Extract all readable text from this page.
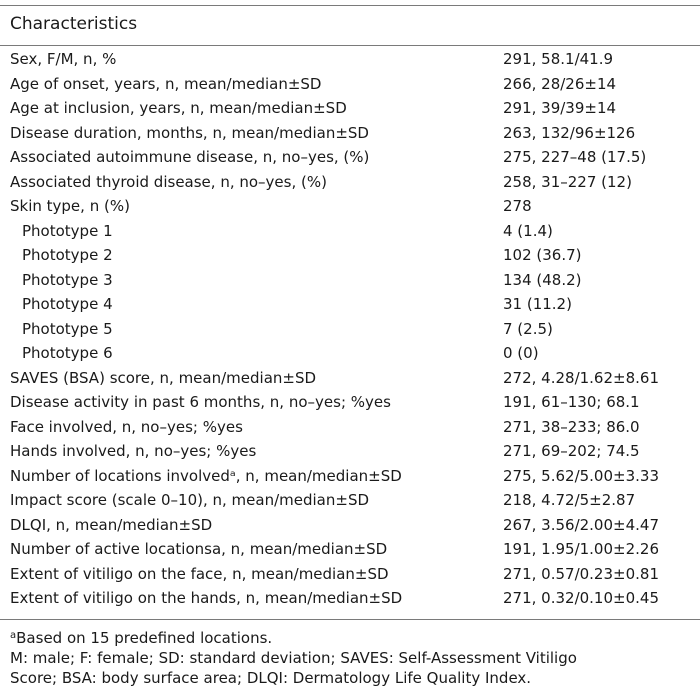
Characteristics
Sex, F/M, n, %	291, 58.1/41.9
Age of onset, years, n, mean/median±SD	266, 28/26±14
Age at inclusion, years, n, mean/median±SD	291, 39/39±14
Disease duration, months, n, mean/median±SD	263, 132/96±126
Associated autoimmune disease, n, no–yes, (%)	275, 227–48 (17.5)
Associated thyroid disease, n, no–yes, (%)	258, 31–227 (12)
Skin type, n (%)	278
Phototype 1	4 (1.4)
Phototype 2	102 (36.7)
Phototype 3	134 (48.2)
Phototype 4	31 (11.2)
Phototype 5	7 (2.5)
Phototype 6	0 (0)
SAVES (BSA) score, n, mean/median±SD	272, 4.28/1.62±8.61
Disease activity in past 6 months, n, no–yes; %yes	191, 61–130; 68.1
Face involved, n, no–yes; %yes	271, 38–233; 86.0
Hands involved, n, no–yes; %yes	271, 69–202; 74.5
Number of locations involvedᵃ, n, mean/median±SD	275, 5.62/5.00±3.33
Impact score (scale 0–10), n, mean/median±SD	218, 4.72/5±2.87
DLQI, n, mean/median±SD	267, 3.56/2.00±4.47
Number of active locationsa, n, mean/median±SD	191, 1.95/1.00±2.26
Extent of vitiligo on the face, n, mean/median±SD	271, 0.57/0.23±0.81
Extent of vitiligo on the hands, n, mean/median±SD	271, 0.32/0.10±0.45
$^a$Based on 15 predefined locations.
M: male; F: female; SD: standard deviation; SAVES: Self-Assessment Vitiligo
Score; BSA: body surface area; DLQI: Dermatology Life Quality Index.
